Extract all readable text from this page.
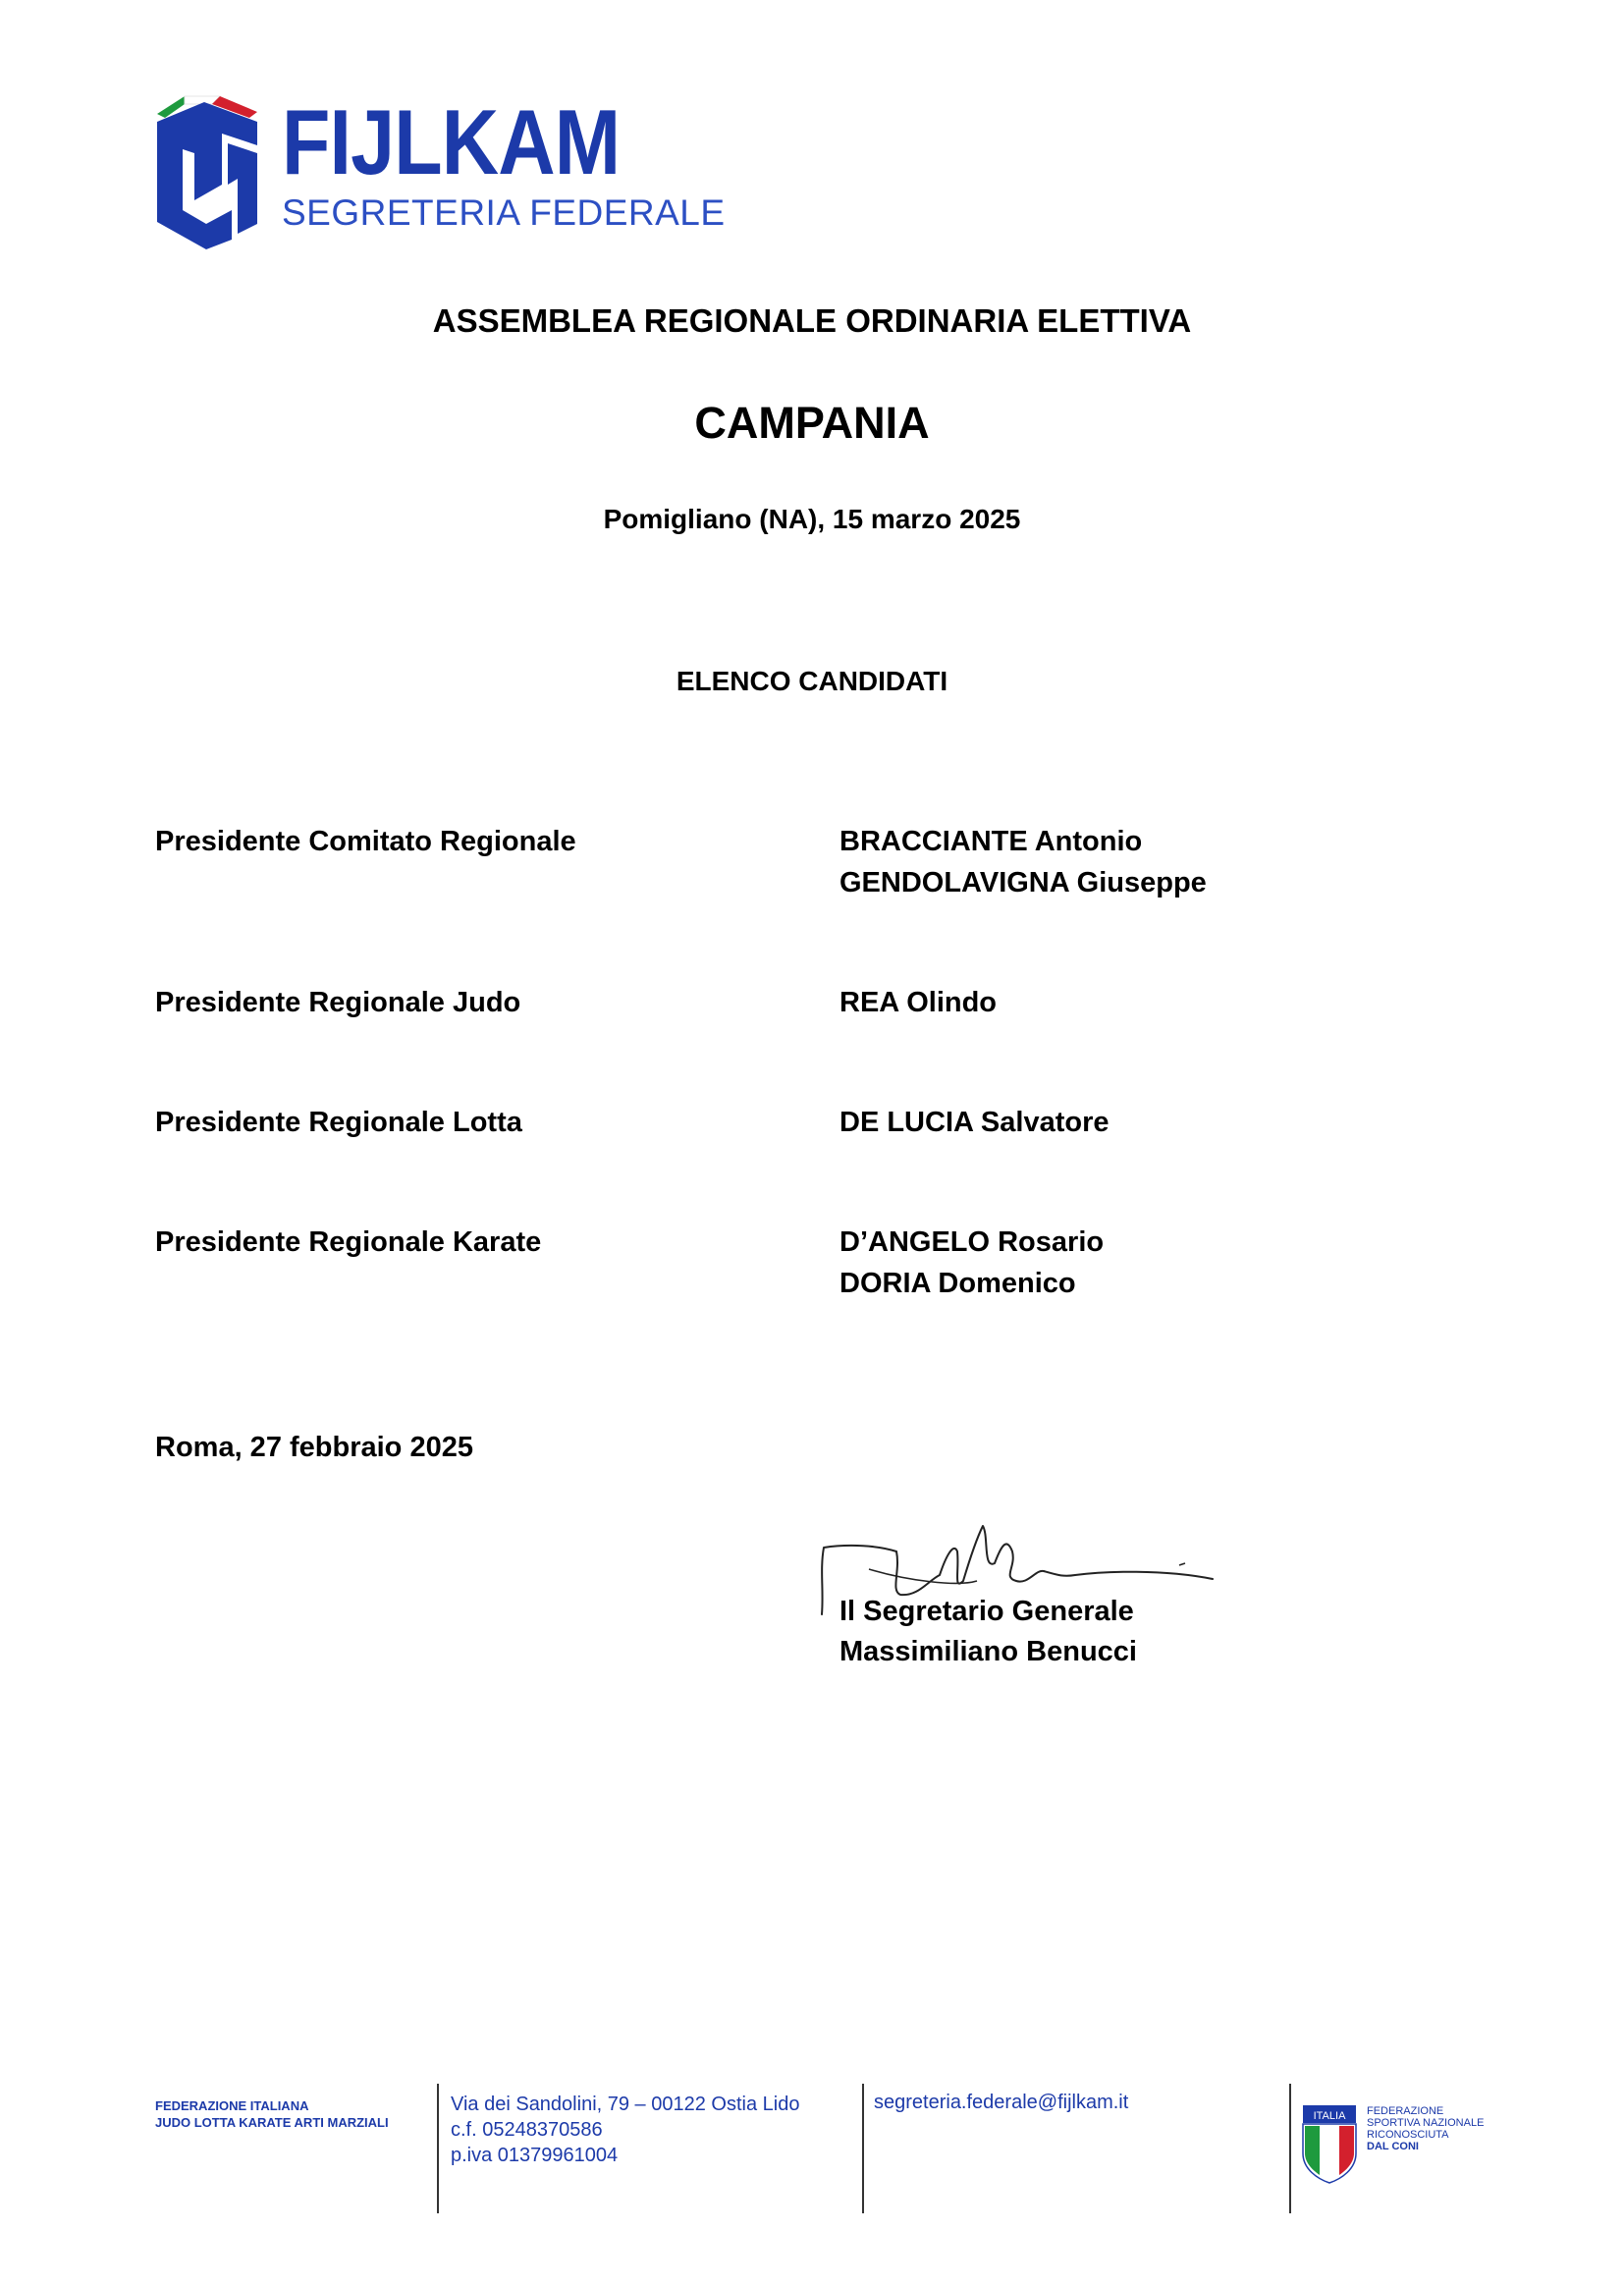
FIJLKAM
SEGRETERIA FEDERALE
ASSEMBLEA REGIONALE ORDINARIA ELETTIVA
CAMPANIA
Pomigliano (NA), 15 marzo 2025
ELENCO CANDIDATI
Presidente Comitato Regionale	BRACCIANTE Antonio
GENDOLAVIGNA Giuseppe
Presidente Regionale Judo	REA Olindo
Presidente Regionale Lotta	DE LUCIA Salvatore
Presidente Regionale Karate	D’ANGELO Rosario
DORIA Domenico
Roma, 27 febbraio 2025
Il Segretario Generale
Massimiliano Benucci
FEDERAZIONE ITALIANA
JUDO LOTTA KARATE ARTI MARZIALI
Via dei Sandolini, 79 – 00122 Ostia Lido
c.f. 05248370586
p.iva 01379961004
segreteria.federale@fijlkam.it
ITALIA FEDERAZIONE
SPORTIVA NAZIONALE
RICONOSCIUTA
DAL CONI
